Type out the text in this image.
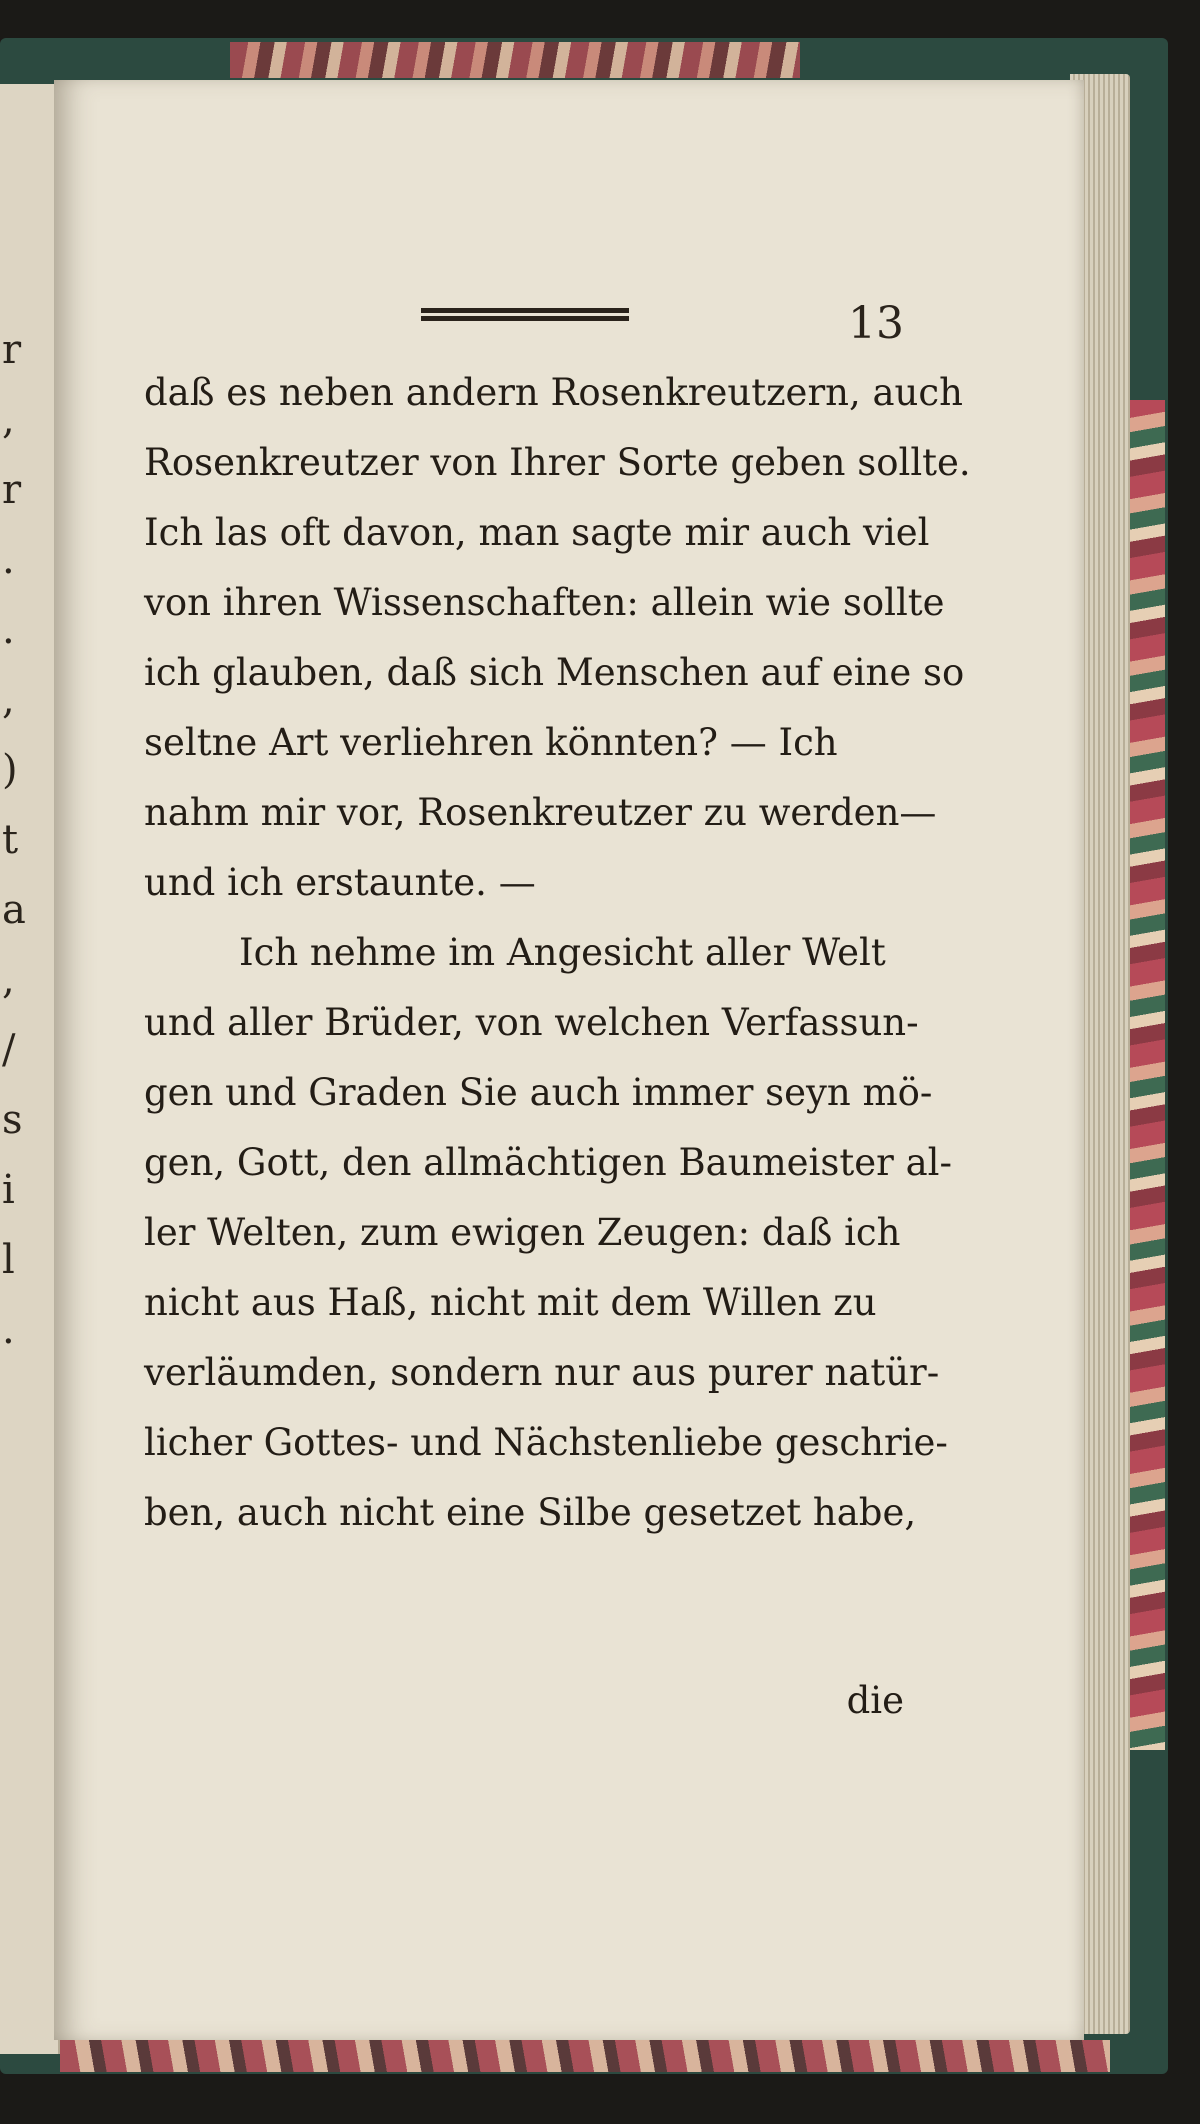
r
,
r
.
.
,
)
t
a
,
/
s
i
l
.
13
daß es neben andern Rosenkreutzern, auch
Rosenkreutzer von Ihrer Sorte geben sollte.
Ich las oft davon, man sagte mir auch viel
von ihren Wissenschaften: allein wie sollte
ich glauben, daß sich Menschen auf eine so
seltne Art verliehren könnten? — Ich
nahm mir vor, Rosenkreutzer zu werden—
und ich erstaunte. —
Ich nehme im Angesicht aller Welt
und aller Brüder, von welchen Verfassun-
gen und Graden Sie auch immer seyn mö-
gen, Gott, den allmächtigen Baumeister al-
ler Welten, zum ewigen Zeugen: daß ich
nicht aus Haß, nicht mit dem Willen zu
verläumden, sondern nur aus purer natür-
licher Gottes- und Nächstenliebe geschrie-
ben, auch nicht eine Silbe gesetzet habe,
die
